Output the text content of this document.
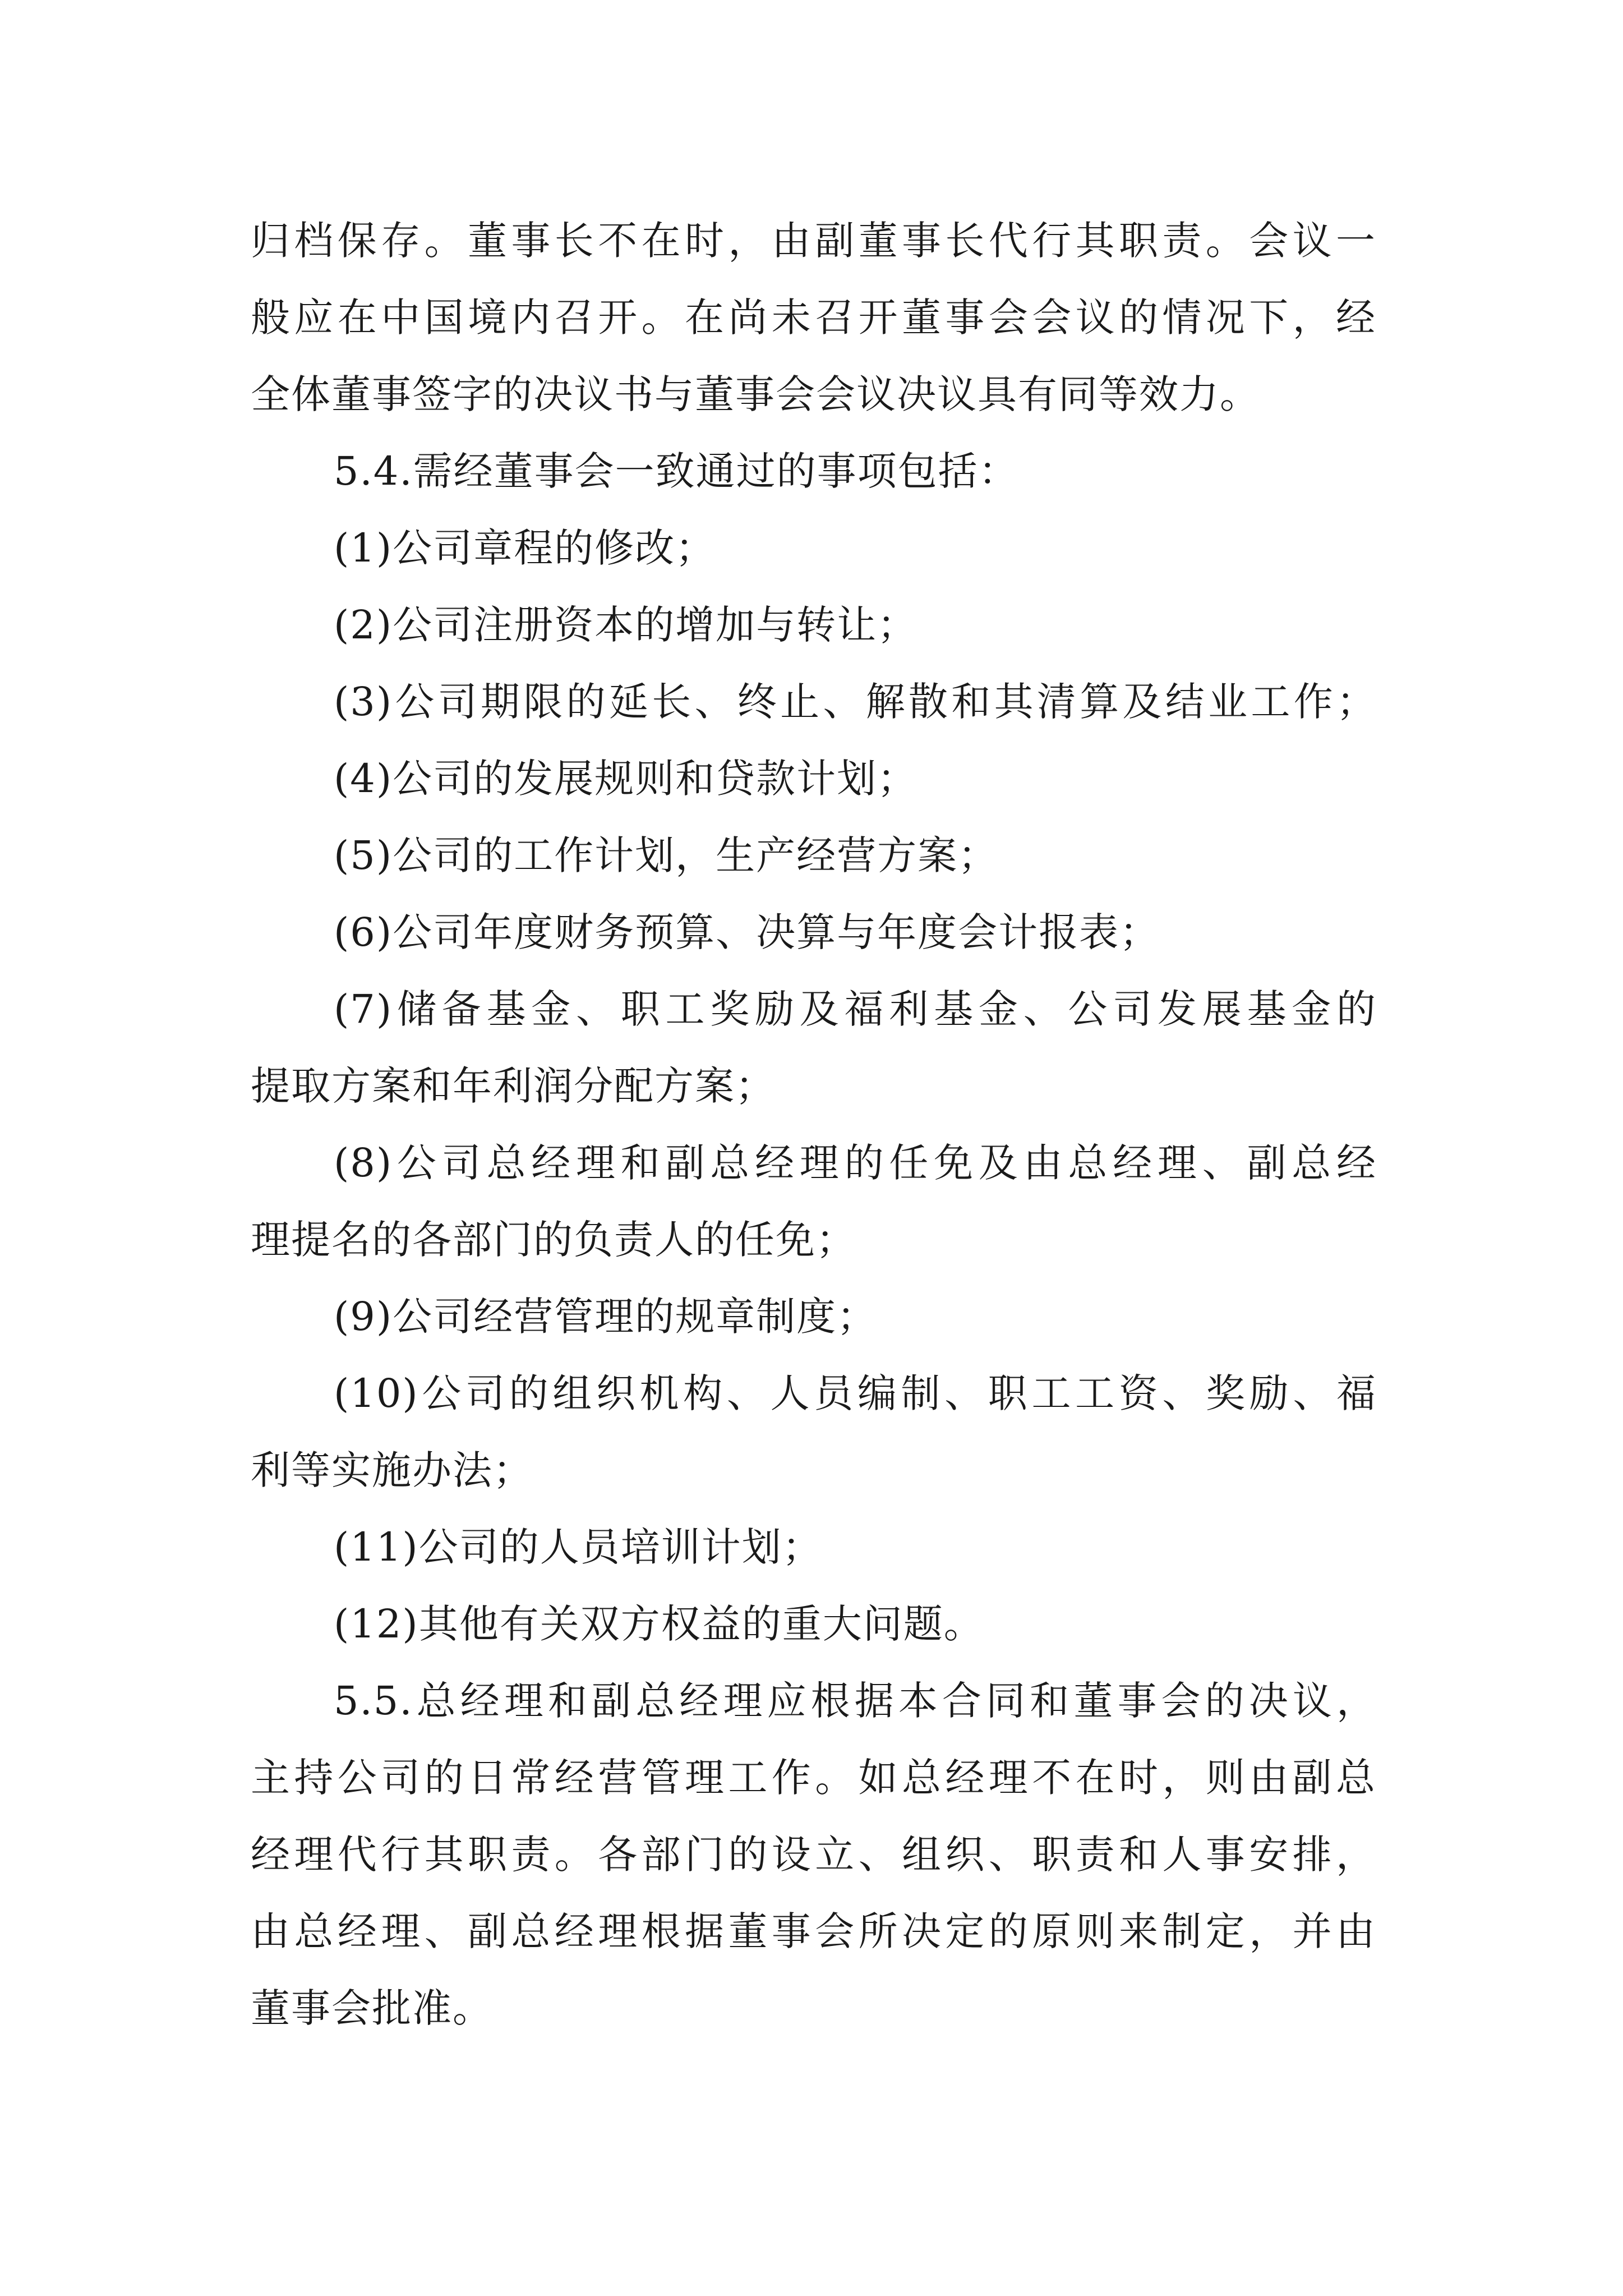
归档保存。董事长不在时，由副董事长代行其职责。会议一
般应在中国境内召开。在尚未召开董事会会议的情况下，经
全体董事签字的决议书与董事会会议决议具有同等效力。
5.4.需经董事会一致通过的事项包括：
(1)公司章程的修改；
(2)公司注册资本的增加与转让；
(3)公司期限的延长、终止、解散和其清算及结业工作；
(4)公司的发展规则和贷款计划；
(5)公司的工作计划，生产经营方案；
(6)公司年度财务预算、决算与年度会计报表；
(7)储备基金、职工奖励及福利基金、公司发展基金的
提取方案和年利润分配方案；
(8)公司总经理和副总经理的任免及由总经理、副总经
理提名的各部门的负责人的任免；
(9)公司经营管理的规章制度；
(10)公司的组织机构、人员编制、职工工资、奖励、福
利等实施办法；
(11)公司的人员培训计划；
(12)其他有关双方权益的重大问题。
5.5.总经理和副总经理应根据本合同和董事会的决议，
主持公司的日常经营管理工作。如总经理不在时，则由副总
经理代行其职责。各部门的设立、组织、职责和人事安排，
由总经理、副总经理根据董事会所决定的原则来制定，并由
董事会批准。
